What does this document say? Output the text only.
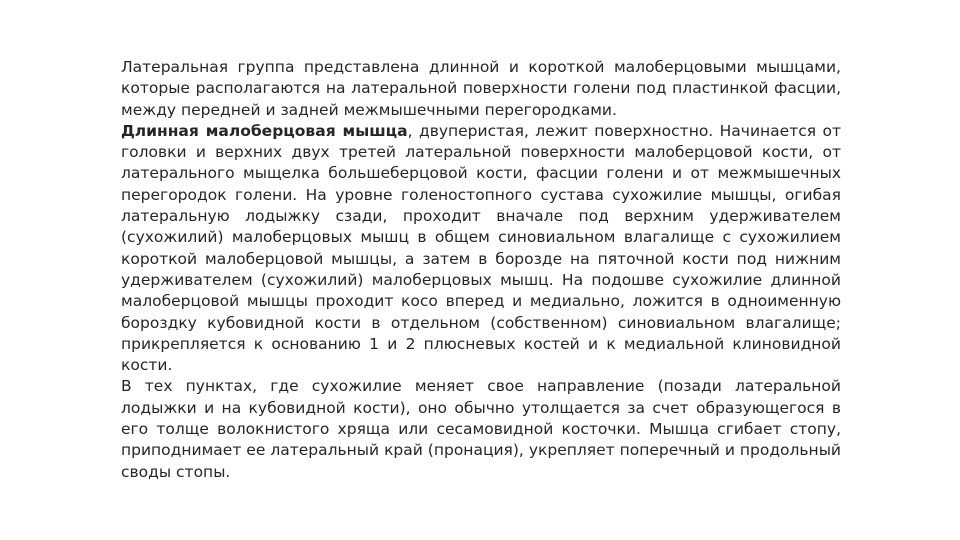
Латеральная группа представлена длинной и короткой малоберцовыми мышцами, которые располагаются на латеральной поверхности голени под пластинкой фасции, между передней и задней межмышечными перегородками.

Длинная малоберцовая мышца, двуперистая, лежит поверхностно. Начинается от головки и верхних двух третей латеральной поверхности малоберцовой кости, от латерального мыщелка большеберцовой кости, фасции голени и от межмышечных перегородок голени. На уровне голеностопного сустава сухожилие мышцы, огибая латеральную лодыжку сзади, проходит вначале под верхним удерживателем (сухожилий) малоберцовых мышц в общем синовиальном влагалище с сухожилием короткой малоберцовой мышцы, а затем в борозде на пяточной кости под нижним удерживателем (сухожилий) малоберцовых мышц. На подошве сухожилие длинной малоберцовой мышцы проходит косо вперед и медиально, ложится в одноименную бороздку кубовидной кости в отдельном (собственном) синовиальном влагалище; прикрепляется к основанию 1 и 2 плюсневых костей и к медиальной клиновидной кости.

В тех пунктах, где сухожилие меняет свое направление (позади латеральной лодыжки и на кубовидной кости), оно обычно утолщается за счет образующегося в его толще волокнистого хряща или сесамовидной косточки. Мышца сгибает стопу, приподнимает ее латеральный край (пронация), укрепляет поперечный и продольный своды стопы.
